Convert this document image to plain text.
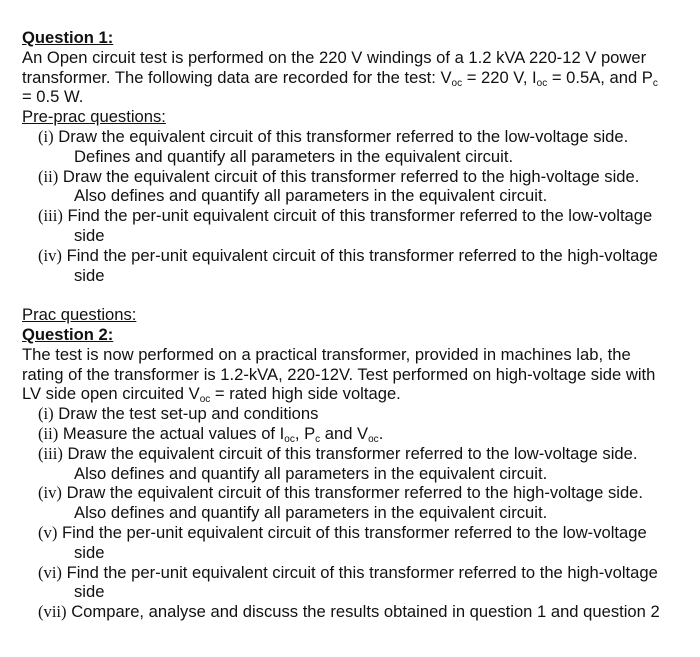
Question 1:
An Open circuit test is performed on the 220 V windings of a 1.2 kVA 220-12 V power
transformer. The following data are recorded for the test: $V_{oc} = 220$ V, $I_{oc} = 0.5A$, and $P_c$
= 0.5 W.
Pre-prac questions:
(i) Draw the equivalent circuit of this transformer referred to the low-voltage side.
Defines and quantify all parameters in the equivalent circuit.
(ii) Draw the equivalent circuit of this transformer referred to the high-voltage side.
Also defines and quantify all parameters in the equivalent circuit.
(iii) Find the per-unit equivalent circuit of this transformer referred to the low-voltage
side
(iv) Find the per-unit equivalent circuit of this transformer referred to the high-voltage
side
Prac questions:
Question 2:
The test is now performed on a practical transformer, provided in machines lab, the
rating of the transformer is 1.2-kVA, 220-12V. Test performed on high-voltage side with
LV side open circuited $V_{oc}$ = rated high side voltage.
(i) Draw the test set-up and conditions
(ii) Measure the actual values of $I_{oc}$, $P_c$ and $V_{oc}$.
(iii) Draw the equivalent circuit of this transformer referred to the low-voltage side.
Also defines and quantify all parameters in the equivalent circuit.
(iv) Draw the equivalent circuit of this transformer referred to the high-voltage side.
Also defines and quantify all parameters in the equivalent circuit.
(v) Find the per-unit equivalent circuit of this transformer referred to the low-voltage
side
(vi) Find the per-unit equivalent circuit of this transformer referred to the high-voltage
side
(vii) Compare, analyse and discuss the results obtained in question 1 and question 2
